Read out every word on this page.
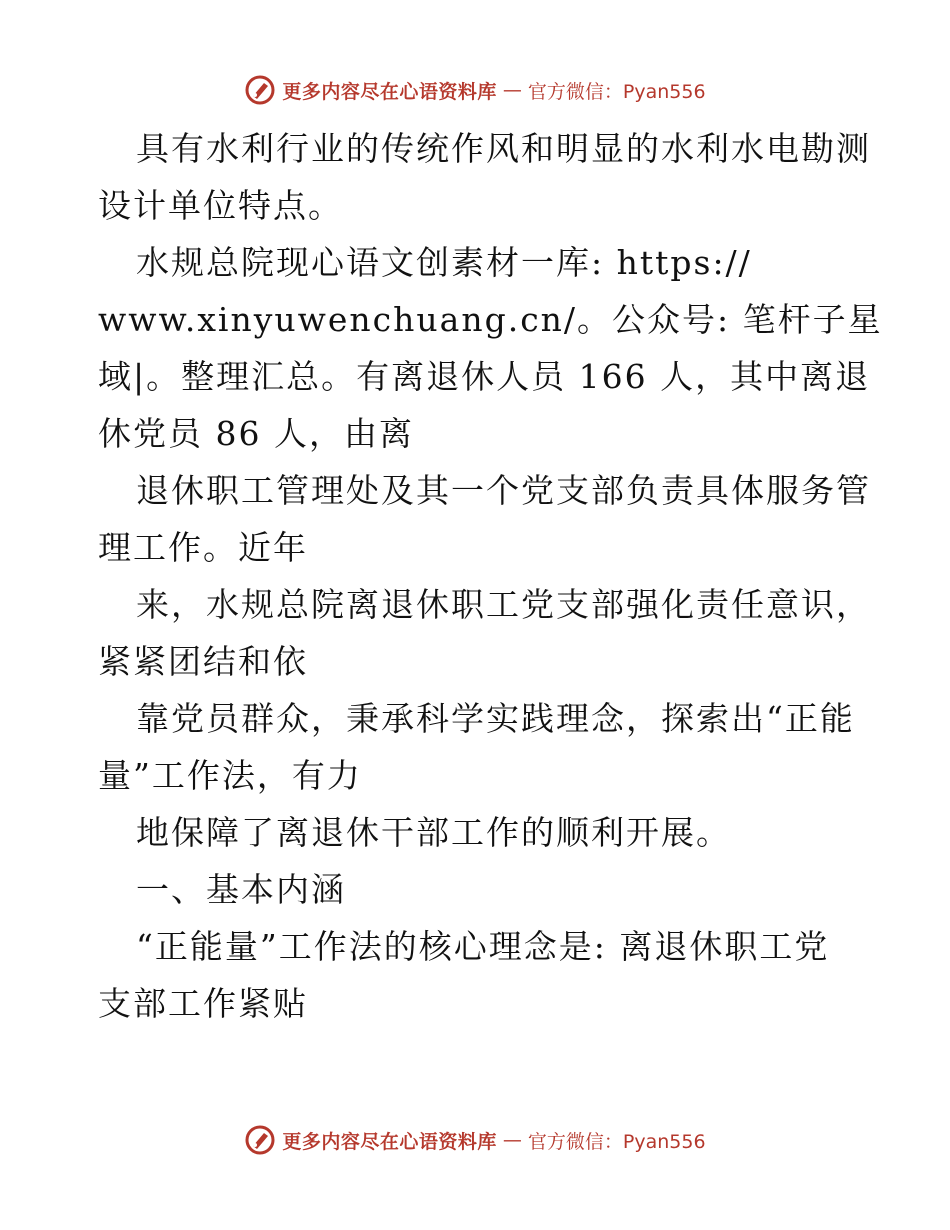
更多内容尽在心语资料库 — 官方微信：Pyan556
具有水利行业的传统作风和明显的水利水电勘测
设计单位特点。
水规总院现心语文创素材一库: https://
www.xinyuwenchuang.cn/。公众号: 笔杆子星
域|。整理汇总。有离退休人员 166 人，其中离退
休党员 86 人，由离
退休职工管理处及其一个党支部负责具体服务管
理工作。近年
来，水规总院离退休职工党支部强化责任意识，
紧紧团结和依
靠党员群众，秉承科学实践理念，探索出“正能
量”工作法，有力
地保障了离退休干部工作的顺利开展。
一、基本内涵
“正能量”工作法的核心理念是: 离退休职工党
支部工作紧贴
更多内容尽在心语资料库 — 官方微信：Pyan556
